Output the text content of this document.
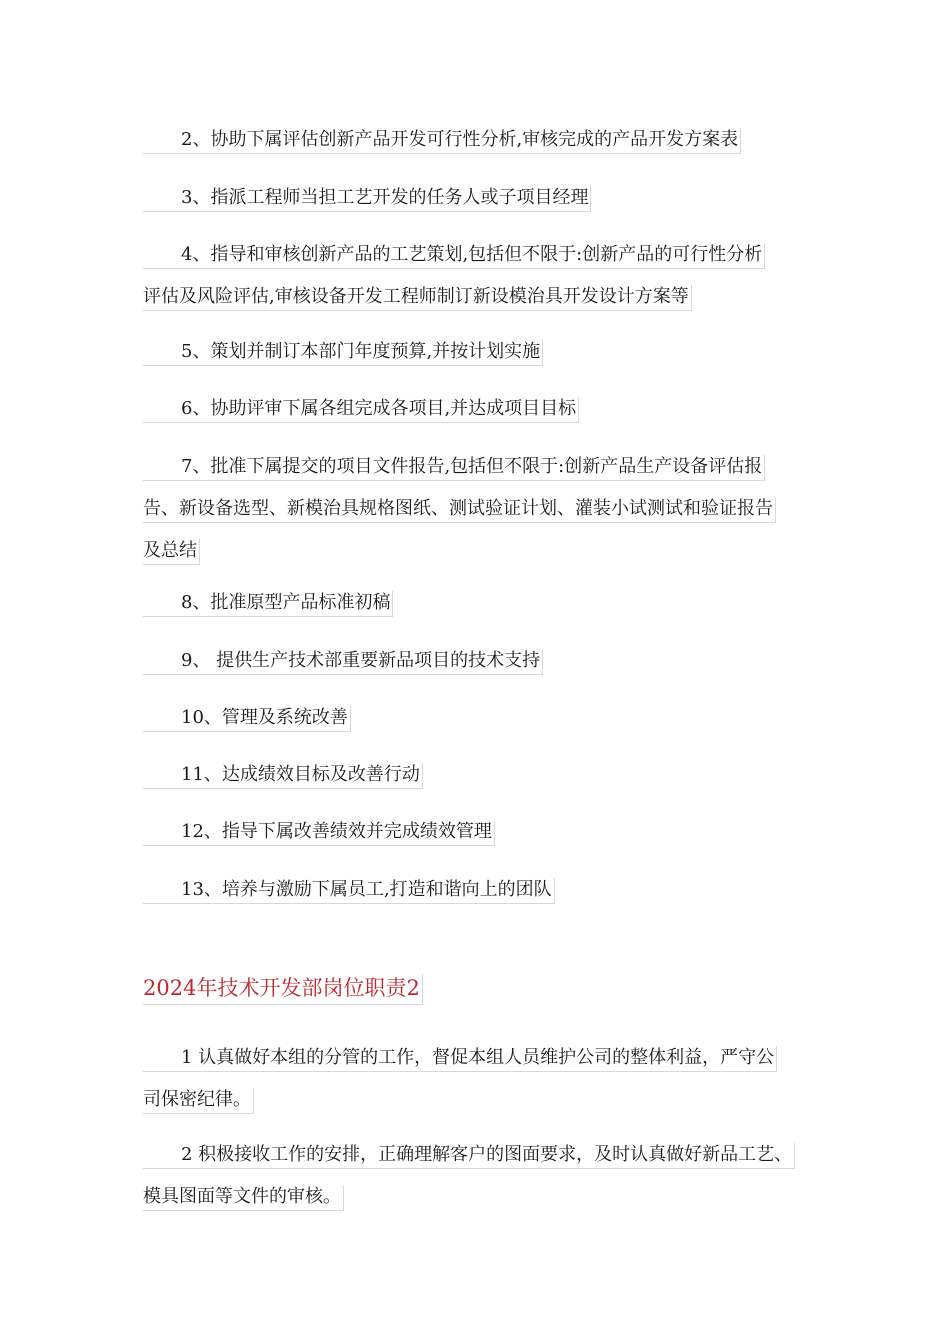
2、协助下属评估创新产品开发可行性分析,审核完成的产品开发方案表
3、指派工程师当担工艺开发的任务人或子项目经理
4、指导和审核创新产品的工艺策划,包括但不限于:创新产品的可行性分析
评估及风险评估,审核设备开发工程师制订新设模治具开发设计方案等
5、策划并制订本部门年度预算,并按计划实施
6、协助评审下属各组完成各项目,并达成项目目标
7、批准下属提交的项目文件报告,包括但不限于:创新产品生产设备评估报
告、新设备选型、新模治具规格图纸、测试验证计划、灌装小试测试和验证报告
及总结
8、批准原型产品标准初稿
9、 提供生产技术部重要新品项目的技术支持
10、管理及系统改善
11、达成绩效目标及改善行动
12、指导下属改善绩效并完成绩效管理
13、培养与激励下属员工,打造和谐向上的团队
2024年技术开发部岗位职责2
1 认真做好本组的分管的工作，督促本组人员维护公司的整体利益，严守公
司保密纪律。
2 积极接收工作的安排，正确理解客户的图面要求，及时认真做好新品工艺、
模具图面等文件的审核。
